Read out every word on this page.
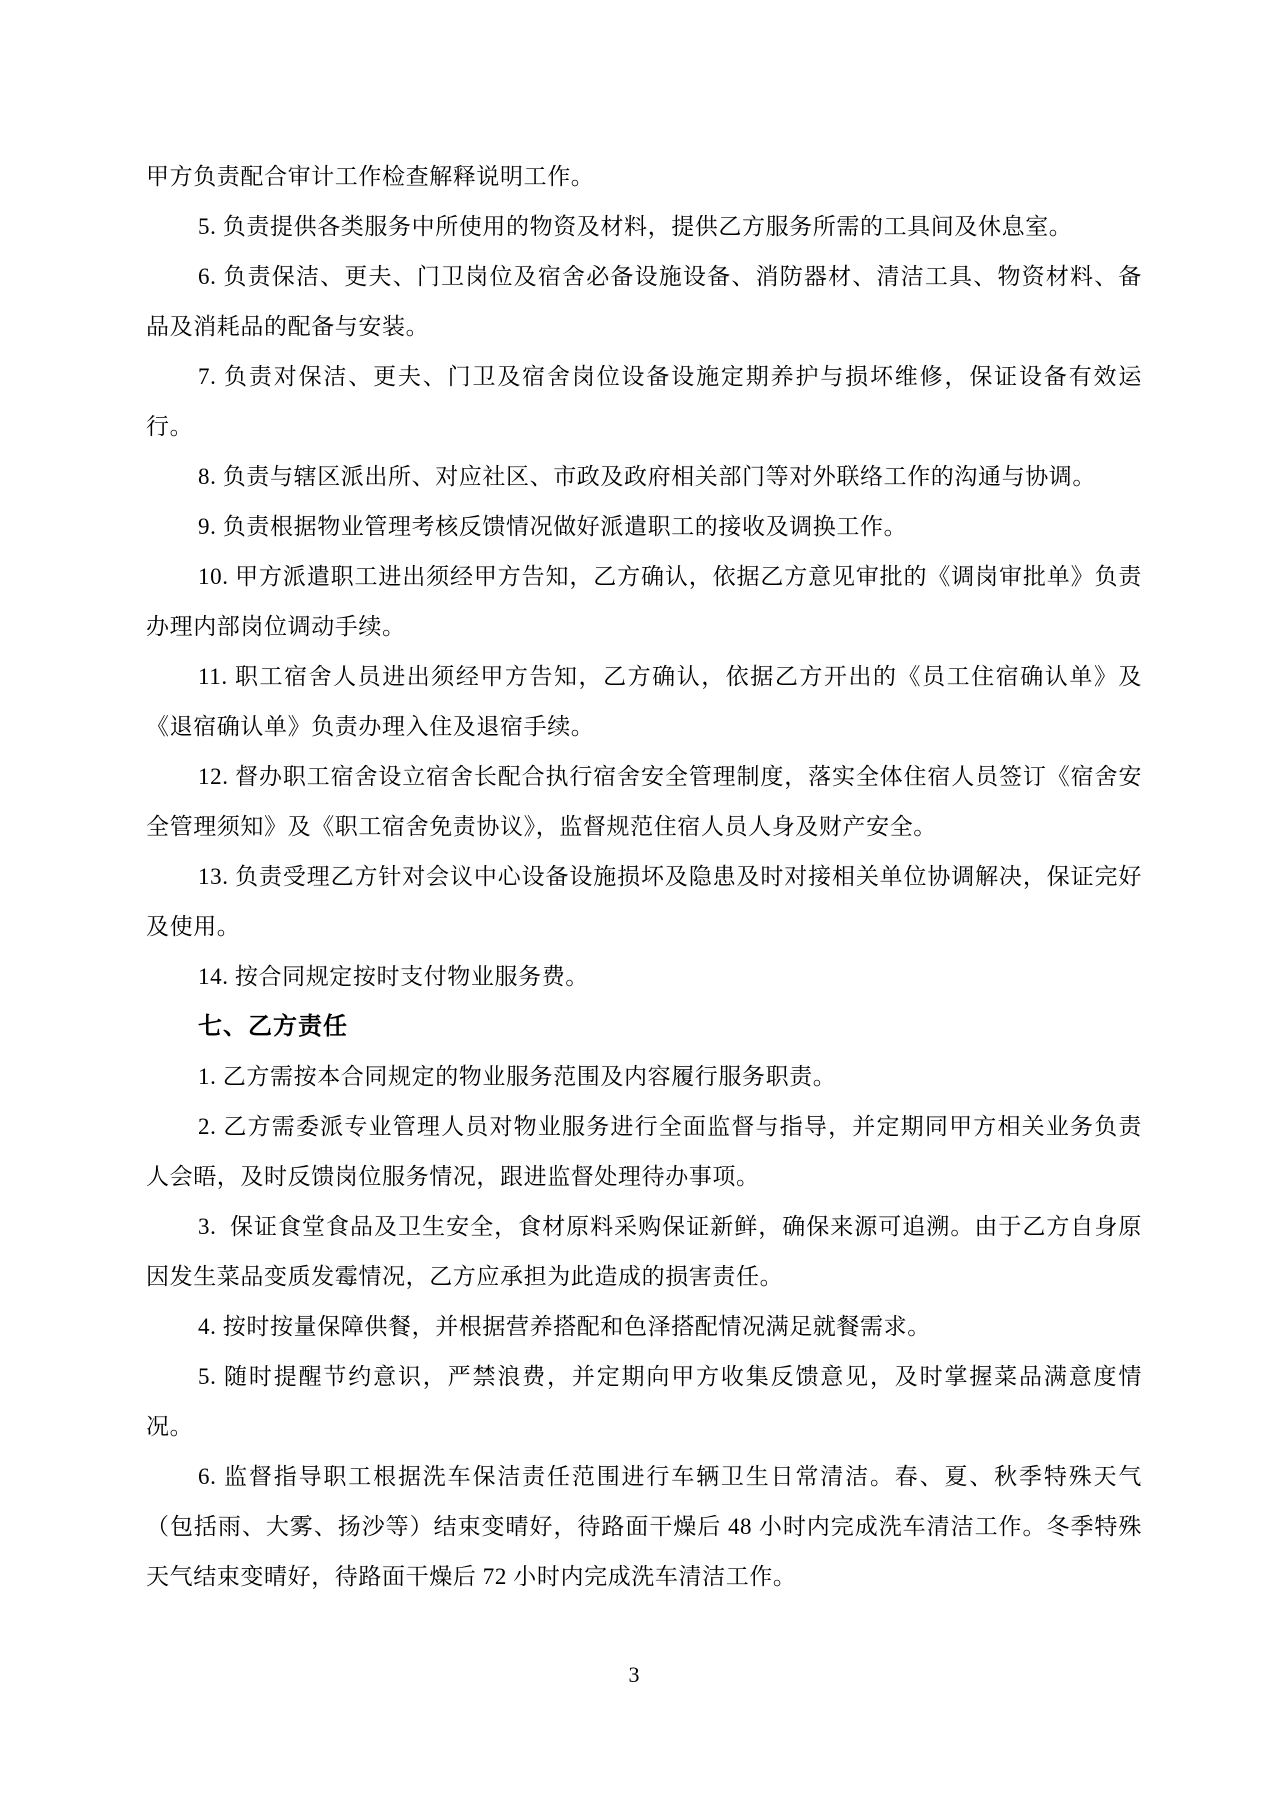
甲方负责配合审计工作检查解释说明工作。

5. 负责提供各类服务中所使用的物资及材料，提供乙方服务所需的工具间及休息室。

6. 负责保洁、更夫、门卫岗位及宿舍必备设施设备、消防器材、清洁工具、物资材料、备品及消耗品的配备与安装。

7. 负责对保洁、更夫、门卫及宿舍岗位设备设施定期养护与损坏维修，保证设备有效运行。

8. 负责与辖区派出所、对应社区、市政及政府相关部门等对外联络工作的沟通与协调。

9. 负责根据物业管理考核反馈情况做好派遣职工的接收及调换工作。

10. 甲方派遣职工进出须经甲方告知，乙方确认，依据乙方意见审批的《调岗审批单》负责办理内部岗位调动手续。

11. 职工宿舍人员进出须经甲方告知，乙方确认，依据乙方开出的《员工住宿确认单》及《退宿确认单》负责办理入住及退宿手续。

12. 督办职工宿舍设立宿舍长配合执行宿舍安全管理制度，落实全体住宿人员签订《宿舍安全管理须知》及《职工宿舍免责协议》，监督规范住宿人员人身及财产安全。

13. 负责受理乙方针对会议中心设备设施损坏及隐患及时对接相关单位协调解决，保证完好及使用。

14. 按合同规定按时支付物业服务费。

七、乙方责任

1. 乙方需按本合同规定的物业服务范围及内容履行服务职责。

2. 乙方需委派专业管理人员对物业服务进行全面监督与指导，并定期同甲方相关业务负责人会晤，及时反馈岗位服务情况，跟进监督处理待办事项。

3.  保证食堂食品及卫生安全，食材原料采购保证新鲜，确保来源可追溯。由于乙方自身原因发生菜品变质发霉情况，乙方应承担为此造成的损害责任。

4. 按时按量保障供餐，并根据营养搭配和色泽搭配情况满足就餐需求。

5. 随时提醒节约意识，严禁浪费，并定期向甲方收集反馈意见，及时掌握菜品满意度情况。

6. 监督指导职工根据洗车保洁责任范围进行车辆卫生日常清洁。春、夏、秋季特殊天气（包括雨、大雾、扬沙等）结束变晴好，待路面干燥后 48 小时内完成洗车清洁工作。冬季特殊天气结束变晴好，待路面干燥后 72 小时内完成洗车清洁工作。

3
